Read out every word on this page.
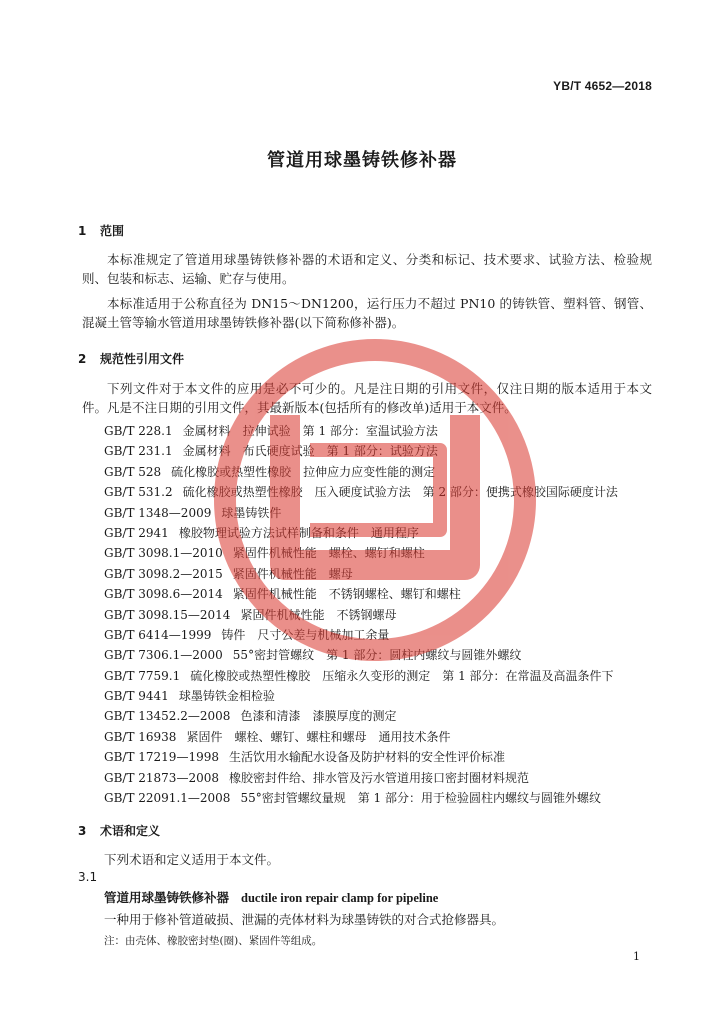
YB/T 4652—2018
管道用球墨铸铁修补器
1 范围
本标准规定了管道用球墨铸铁修补器的术语和定义、分类和标记、技术要求、试验方法、检验规则、包装和标志、运输、贮存与使用。
本标准适用于公称直径为 DN15～DN1200，运行压力不超过 PN10 的铸铁管、塑料管、钢管、混凝土管等输水管道用球墨铸铁修补器(以下简称修补器)。
2 规范性引用文件
下列文件对于本文件的应用是必不可少的。凡是注日期的引用文件，仅注日期的版本适用于本文件。凡是不注日期的引用文件，其最新版本(包括所有的修改单)适用于本文件。
GB/T 228.1 金属材料　拉伸试验　第 1 部分：室温试验方法
GB/T 231.1 金属材料　布氏硬度试验　第 1 部分：试验方法
GB/T 528 硫化橡胶或热塑性橡胶　拉伸应力应变性能的测定
GB/T 531.2 硫化橡胶或热塑性橡胶　压入硬度试验方法　第 2 部分：便携式橡胶国际硬度计法
GB/T 1348—2009 球墨铸铁件
GB/T 2941 橡胶物理试验方法试样制备和条件　通用程序
GB/T 3098.1—2010 紧固件机械性能　螺栓、螺钉和螺柱
GB/T 3098.2—2015 紧固件机械性能　螺母
GB/T 3098.6—2014 紧固件机械性能　不锈钢螺栓、螺钉和螺柱
GB/T 3098.15—2014 紧固件机械性能　不锈钢螺母
GB/T 6414—1999 铸件　尺寸公差与机械加工余量
GB/T 7306.1—2000 55°密封管螺纹　第 1 部分：圆柱内螺纹与圆锥外螺纹
GB/T 7759.1 硫化橡胶或热塑性橡胶　压缩永久变形的测定　第 1 部分：在常温及高温条件下
GB/T 9441 球墨铸铁金相检验
GB/T 13452.2—2008 色漆和清漆　漆膜厚度的测定
GB/T 16938 紧固件　螺栓、螺钉、螺柱和螺母　通用技术条件
GB/T 17219—1998 生活饮用水输配水设备及防护材料的安全性评价标准
GB/T 21873—2008 橡胶密封件给、排水管及污水管道用接口密封圈材料规范
GB/T 22091.1—2008 55°密封管螺纹量规　第 1 部分：用于检验圆柱内螺纹与圆锥外螺纹
3 术语和定义
下列术语和定义适用于本文件。
3.1
管道用球墨铸铁修补器 ductile iron repair clamp for pipeline
一种用于修补管道破损、泄漏的壳体材料为球墨铸铁的对合式抢修器具。
注：由壳体、橡胶密封垫(圈)、紧固件等组成。
1
